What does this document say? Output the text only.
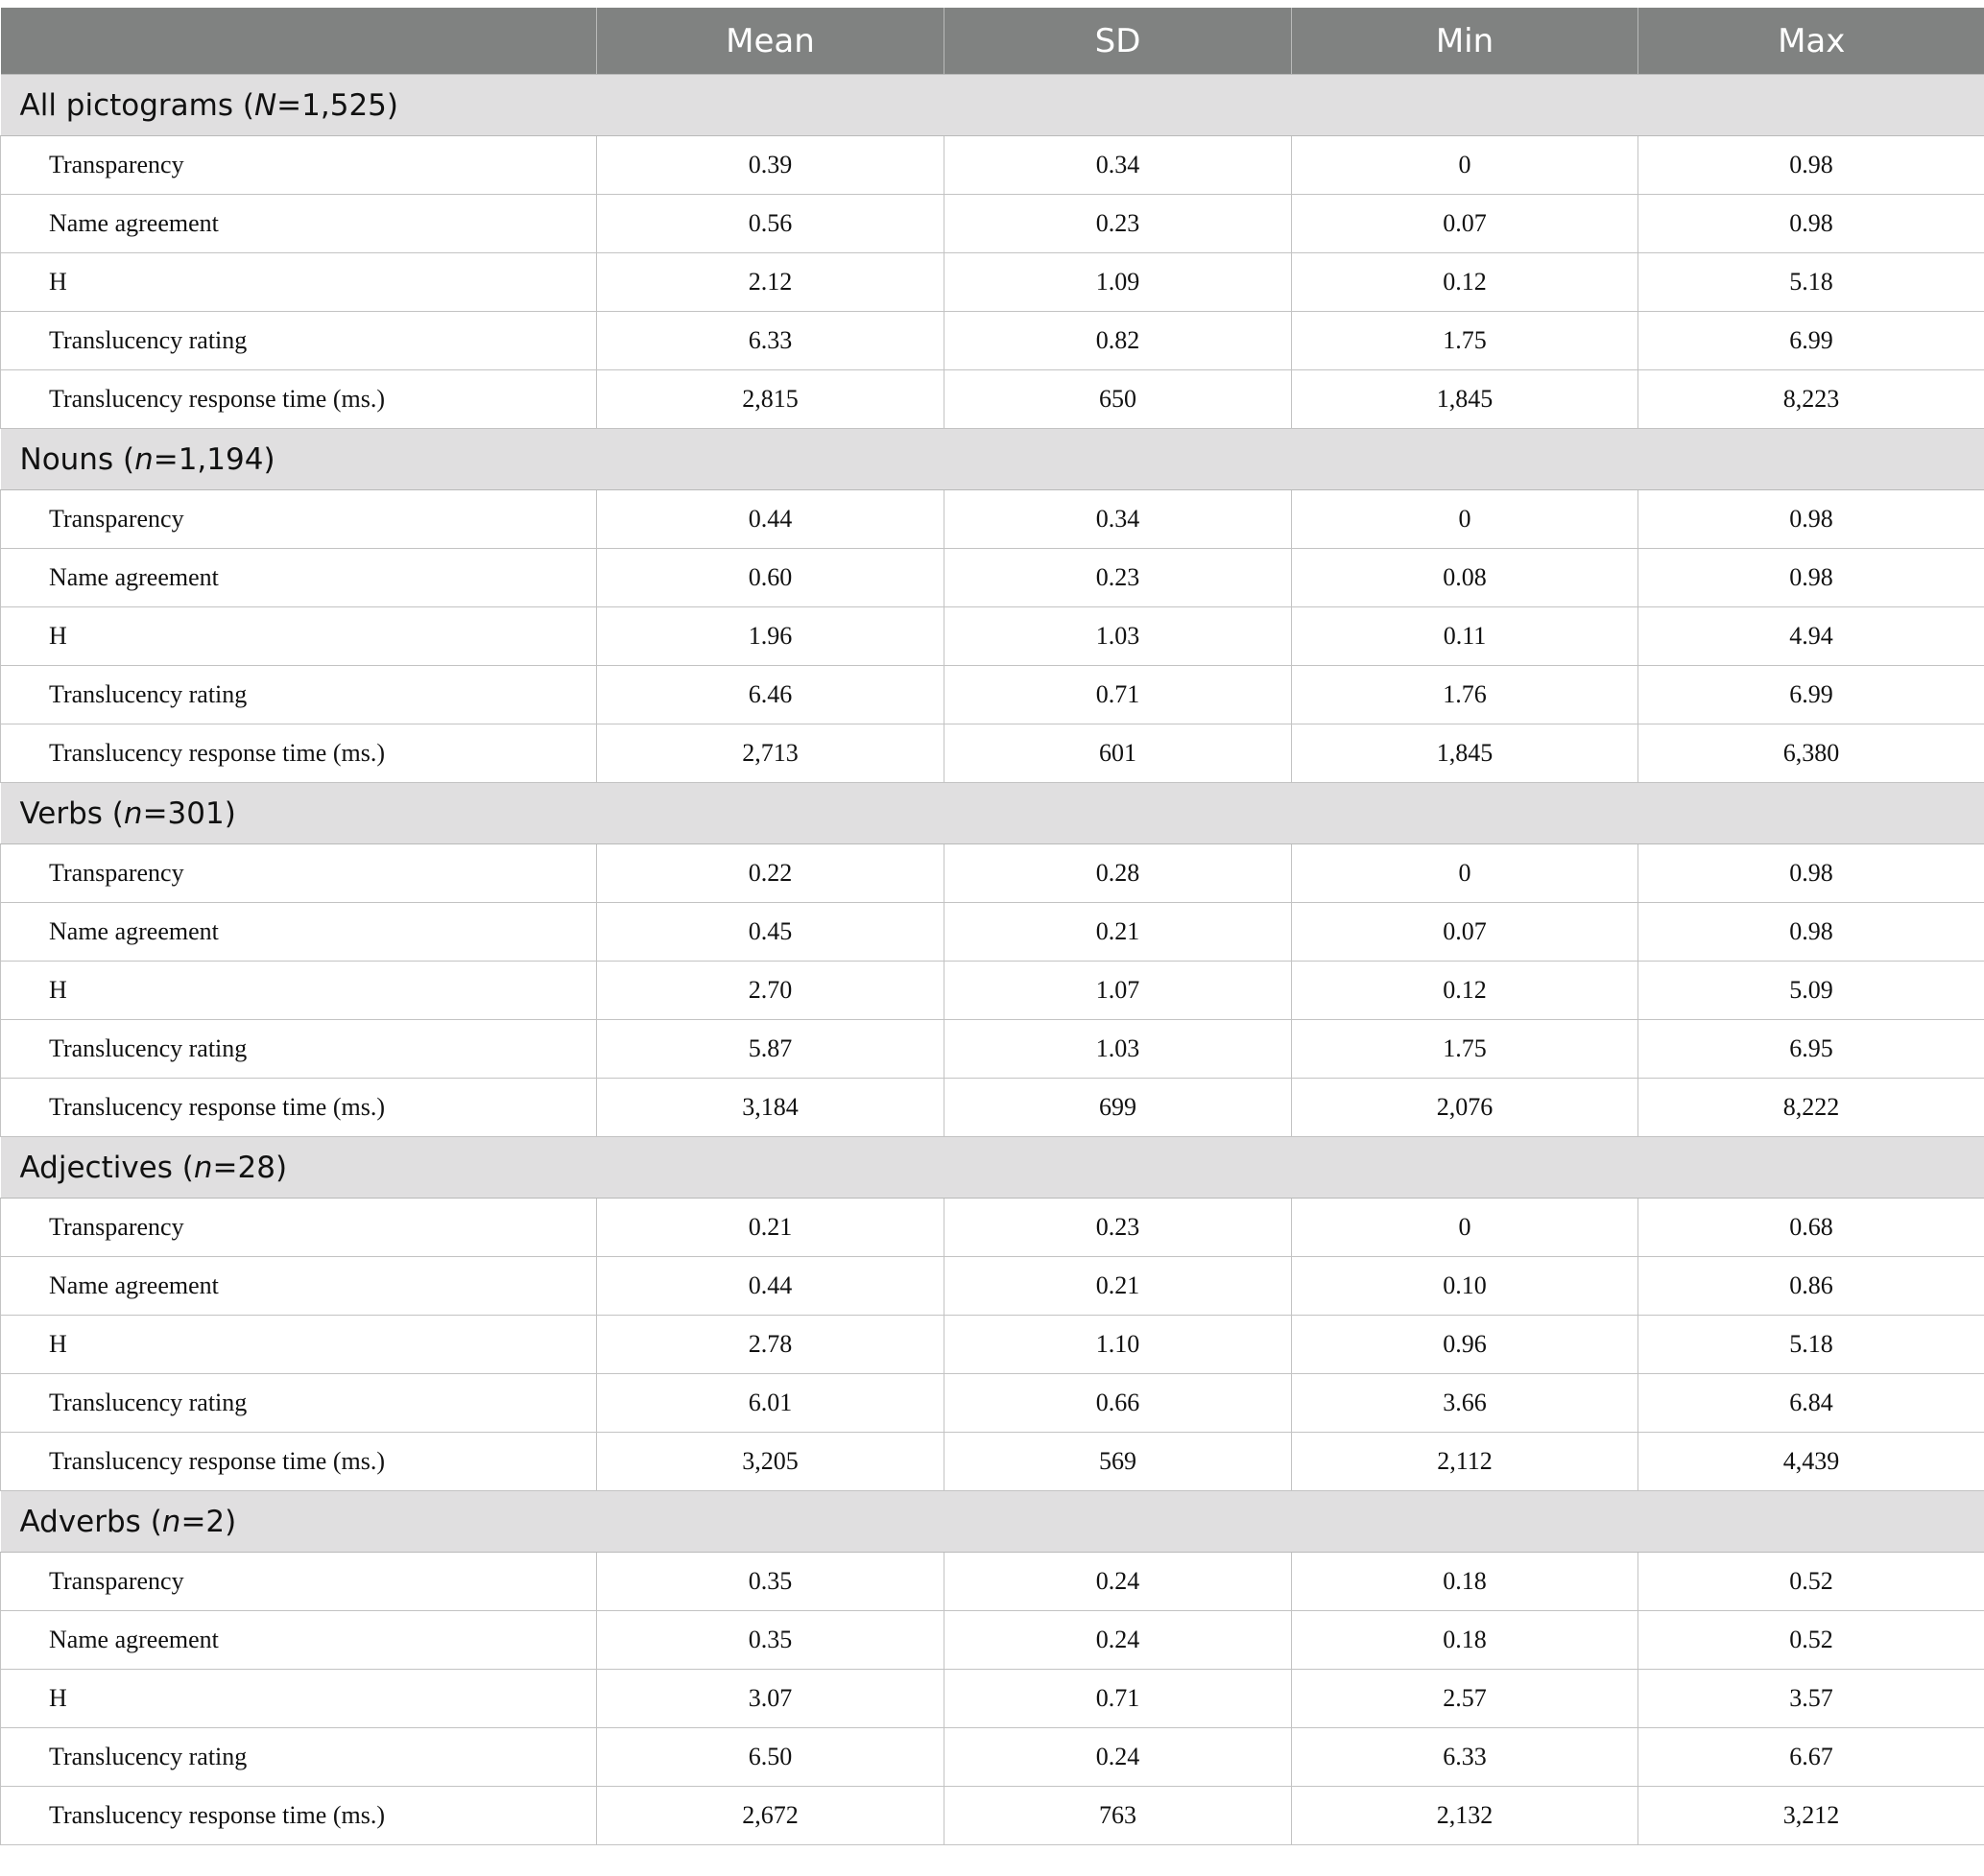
	Mean	SD	Min	Max
All pictograms (N=1,525)				
Transparency	0.39	0.34	0	0.98
Name agreement	0.56	0.23	0.07	0.98
H	2.12	1.09	0.12	5.18
Translucency rating	6.33	0.82	1.75	6.99
Translucency response time (ms.)	2,815	650	1,845	8,223
Nouns (n=1,194)				
Transparency	0.44	0.34	0	0.98
Name agreement	0.60	0.23	0.08	0.98
H	1.96	1.03	0.11	4.94
Translucency rating	6.46	0.71	1.76	6.99
Translucency response time (ms.)	2,713	601	1,845	6,380
Verbs (n=301)				
Transparency	0.22	0.28	0	0.98
Name agreement	0.45	0.21	0.07	0.98
H	2.70	1.07	0.12	5.09
Translucency rating	5.87	1.03	1.75	6.95
Translucency response time (ms.)	3,184	699	2,076	8,222
Adjectives (n=28)				
Transparency	0.21	0.23	0	0.68
Name agreement	0.44	0.21	0.10	0.86
H	2.78	1.10	0.96	5.18
Translucency rating	6.01	0.66	3.66	6.84
Translucency response time (ms.)	3,205	569	2,112	4,439
Adverbs (n=2)				
Transparency	0.35	0.24	0.18	0.52
Name agreement	0.35	0.24	0.18	0.52
H	3.07	0.71	2.57	3.57
Translucency rating	6.50	0.24	6.33	6.67
Translucency response time (ms.)	2,672	763	2,132	3,212
